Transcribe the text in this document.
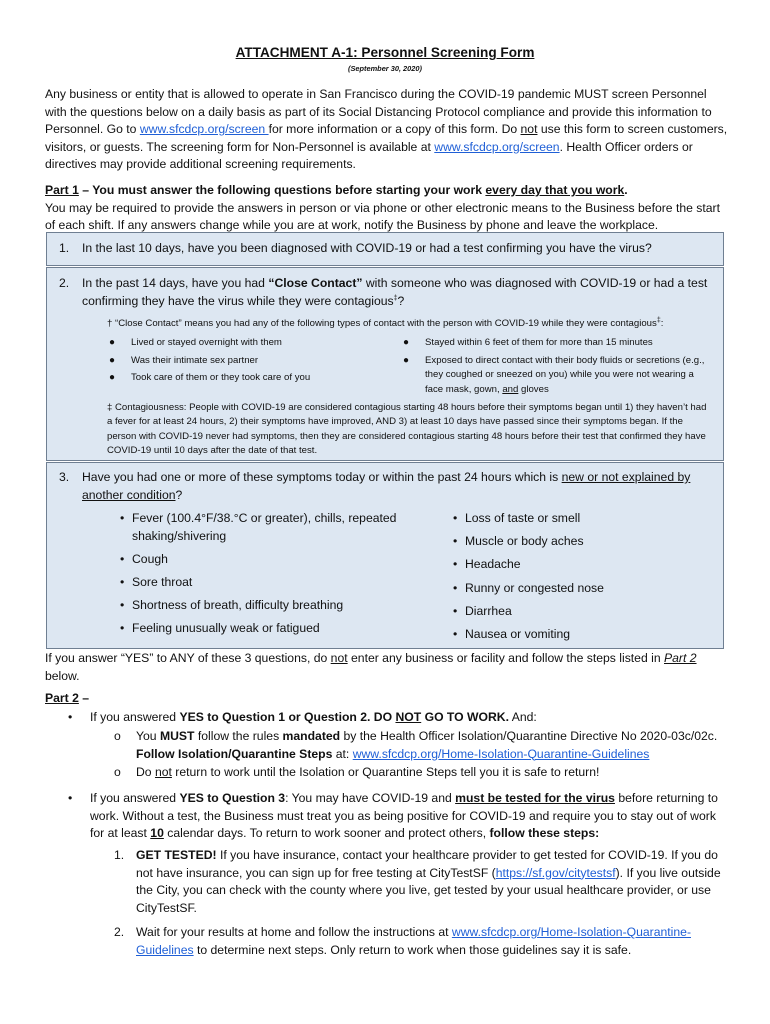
ATTACHMENT A-1: Personnel Screening Form
(September 30, 2020)
Any business or entity that is allowed to operate in San Francisco during the COVID-19 pandemic MUST screen Personnel with the questions below on a daily basis as part of its Social Distancing Protocol compliance and provide this information to Personnel. Go to www.sfcdcp.org/screen for more information or a copy of this form. Do not use this form to screen customers, visitors, or guests. The screening form for Non-Personnel is available at www.sfcdcp.org/screen. Health Officer orders or directives may provide additional screening requirements.
Part 1 – You must answer the following questions before starting your work every day that you work.
You may be required to provide the answers in person or via phone or other electronic means to the Business before the start of each shift. If any answers change while you are at work, notify the Business by phone and leave the workplace.
1. In the last 10 days, have you been diagnosed with COVID-19 or had a test confirming you have the virus?
2. In the past 14 days, have you had “Close Contact” with someone who was diagnosed with COVID-19 or had a test confirming they have the virus while they were contagious‡?
† “Close Contact” means you had any of the following types of contact with the person with COVID-19 while they were contagious‡:
● Lived or stayed overnight with them
● Was their intimate sex partner
● Took care of them or they took care of you
● Stayed within 6 feet of them for more than 15 minutes
● Exposed to direct contact with their body fluids or secretions (e.g., they coughed or sneezed on you) while you were not wearing a face mask, gown, and gloves
‡ Contagiousness: People with COVID-19 are considered contagious starting 48 hours before their symptoms began until 1) they haven’t had a fever for at least 24 hours, 2) their symptoms have improved, AND 3) at least 10 days have passed since their symptoms began. If the person with COVID-19 never had symptoms, then they are considered contagious starting 48 hours before their test that confirmed they have COVID-19 until 10 days after the date of that test.
3. Have you had one or more of these symptoms today or within the past 24 hours which is new or not explained by another condition?
• Fever (100.4°F/38.°C or greater), chills, repeated shaking/shivering
• Cough
• Sore throat
• Shortness of breath, difficulty breathing
• Feeling unusually weak or fatigued
• Loss of taste or smell
• Muscle or body aches
• Headache
• Runny or congested nose
• Diarrhea
• Nausea or vomiting
If you answer “YES” to ANY of these 3 questions, do not enter any business or facility and follow the steps listed in Part 2 below.
Part 2 –
• If you answered YES to Question 1 or Question 2. DO NOT GO TO WORK. And:
o You MUST follow the rules mandated by the Health Officer Isolation/Quarantine Directive No 2020-03c/02c. Follow Isolation/Quarantine Steps at: www.sfcdcp.org/Home-Isolation-Quarantine-Guidelines
o Do not return to work until the Isolation or Quarantine Steps tell you it is safe to return!
• If you answered YES to Question 3: You may have COVID-19 and must be tested for the virus before returning to work. Without a test, the Business must treat you as being positive for COVID-19 and require you to stay out of work for at least 10 calendar days. To return to work sooner and protect others, follow these steps:
1. GET TESTED! If you have insurance, contact your healthcare provider to get tested for COVID-19. If you do not have insurance, you can sign up for free testing at CityTestSF (https://sf.gov/citytestsf). If you live outside the City, you can check with the county where you live, get tested by your usual healthcare provider, or use CityTestSF.
2. Wait for your results at home and follow the instructions at www.sfcdcp.org/Home-Isolation-Quarantine-Guidelines to determine next steps. Only return to work when those guidelines say it is safe.
